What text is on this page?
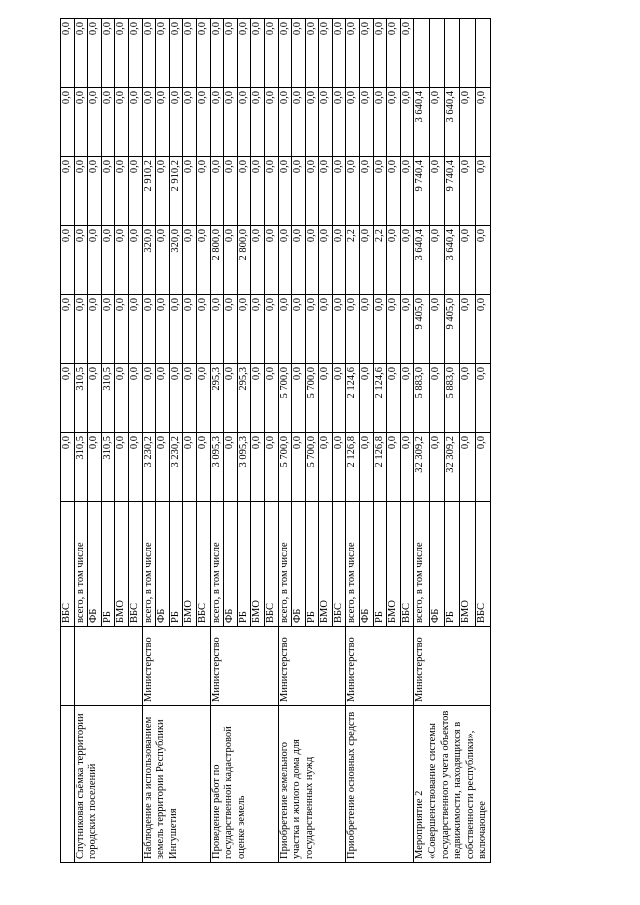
		ВБС	0,0	0,0	0,0	0,0	0,0	0,0	0,0
Спутниковая съёмка территории городских поселений		всего, в том числе	310,5	310,5	0,0	0,0	0,0	0,0	0,0
		ФБ	0,0	0,0	0,0	0,0	0,0	0,0	0,0
		РБ	310,5	310,5	0,0	0,0	0,0	0,0	0,0
		БМО	0,0	0,0	0,0	0,0	0,0	0,0	0,0
		ВБС	0,0	0,0	0,0	0,0	0,0	0,0	0,0
Наблюдение за использованием земель территории Республики Ингушетия	Министерство	всего, в том числе	3 230,2	0,0	0,0	320,0	2 910,2	0,0	0,0
		ФБ	0,0	0,0	0,0	0,0	0,0	0,0	0,0
		РБ	3 230,2	0,0	0,0	320,0	2 910,2	0,0	0,0
		БМО	0,0	0,0	0,0	0,0	0,0	0,0	0,0
		ВБС	0,0	0,0	0,0	0,0	0,0	0,0	0,0
Проведение работ по государственной кадастровой оценке земель	Министерство	всего, в том числе	3 095,3	295,3	0,0	2 800,0	0,0	0,0	0,0
		ФБ	0,0	0,0	0,0	0,0	0,0	0,0	0,0
		РБ	3 095,3	295,3	0,0	2 800,0	0,0	0,0	0,0
		БМО	0,0	0,0	0,0	0,0	0,0	0,0	0,0
		ВБС	0,0	0,0	0,0	0,0	0,0	0,0	0,0
Приобретение земельного участка и жилого дома для государственных нужд	Министерство	всего, в том числе	5 700,0	5 700,0	0,0	0,0	0,0	0,0	0,0
		ФБ	0,0	0,0	0,0	0,0	0,0	0,0	0,0
		РБ	5 700,0	5 700,0	0,0	0,0	0,0	0,0	0,0
		БМО	0,0	0,0	0,0	0,0	0,0	0,0	0,0
		ВБС	0,0	0,0	0,0	0,0	0,0	0,0	0,0
Приобретение основных средств	Министерство	всего, в том числе	2 126,8	2 124,6	0,0	2,2	0,0	0,0	0,0
		ФБ	0,0	0,0	0,0	0,0	0,0	0,0	0,0
		РБ	2 126,8	2 124,6	0,0	2,2	0,0	0,0	0,0
		БМО	0,0	0,0	0,0	0,0	0,0	0,0	0,0
		ВБС	0,0	0,0	0,0	0,0	0,0	0,0	0,0
Мероприятие 2 «Совершенствование системы государственного учета объектов недвижимости, находящихся в собственности республики», включающее	Министерство	всего, в том числе	32 309,2	5 883,0	9 405,0	3 640,4	9 740,4	3 640,4	
		ФБ	0,0	0,0	0,0	0,0	0,0	0,0	
		РБ	32 309,2	5 883,0	9 405,0	3 640,4	9 740,4	3 640,4	
		БМО	0,0	0,0	0,0	0,0	0,0	0,0	
		ВБС	0,0	0,0	0,0	0,0	0,0	0,0	
